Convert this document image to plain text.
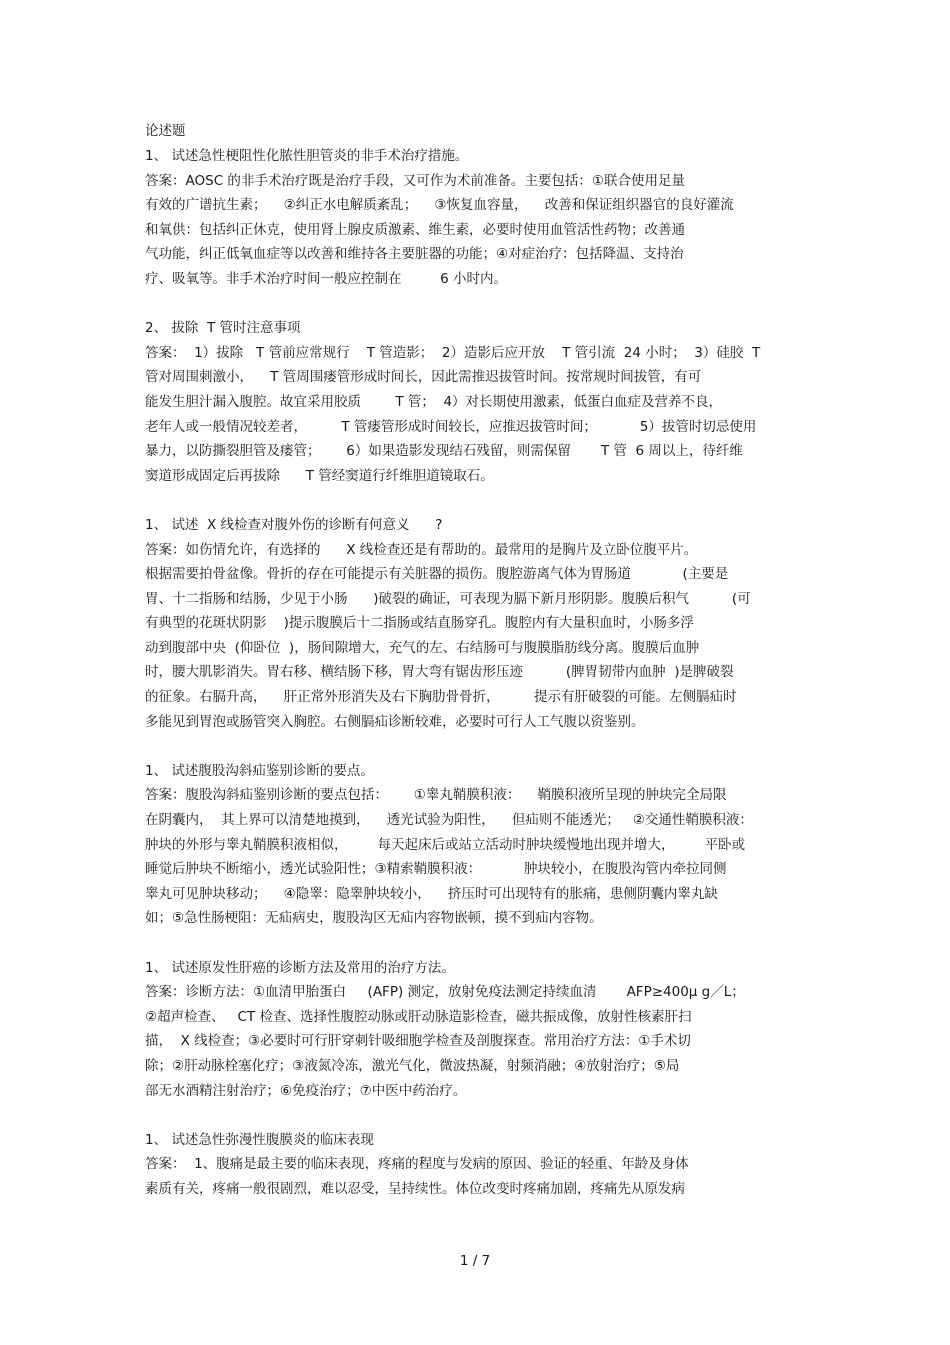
论述题
1、 试述急性梗阻性化脓性胆管炎的非手术治疗措施。
答案：AOSC 的非手术治疗既是治疗手段，又可作为术前准备。主要包括：①联合使用足量
有效的广谱抗生素；    ②纠正水电解质紊乱；    ③恢复血容量，    改善和保证组织器官的良好灌流
和氧供：包括纠正休克，使用肾上腺皮质激素、维生素，必要时使用血管活性药物；改善通
气功能，纠正低氧血症等以改善和维持各主要脏器的功能；④对症治疗：包括降温、支持治
疗、吸氧等。非手术治疗时间一般应控制在         6 小时内。
2、 拔除  T 管时注意事项
答案：  1）拔除   T 管前应常规行    T 管造影；  2）造影后应开放    T 管引流  24 小时；  3）硅胶  T
管对周围刺激小，    T 管周围瘘管形成时间长，因此需推迟拔管时间。按常规时间拔管，有可
能发生胆汁漏入腹腔。故宜采用胶质        T 管；  4）对长期使用激素，低蛋白血症及营养不良，
老年人或一般情况较差者，        T 管瘘管形成时间较长，应推迟拔管时间；          5）拔管时切忌使用
暴力，以防撕裂胆管及瘘管；      6）如果造影发现结石残留，则需保留       T 管  6 周以上，待纤维
窦道形成固定后再拔除      T 管经窦道行纤维胆道镜取石。
1、 试述  X 线检查对腹外伤的诊断有何意义      ?
答案：如伤情允许，有选择的      X 线检查还是有帮助的。最常用的是胸片及立卧位腹平片。
根据需要拍骨盆像。骨折的存在可能提示有关脏器的损伤。腹腔游离气体为胃肠道            (主要是
胃、十二指肠和结肠，少见于小肠      )破裂的确证，可表现为膈下新月形阴影。腹膜后积气          (可
有典型的花斑状阴影    )提示腹膜后十二指肠或结直肠穿孔。腹腔内有大量积血时，小肠多浮
动到腹部中央  (仰卧位  )，肠间隙增大，充气的左、右结肠可与腹膜脂肪线分离。腹膜后血肿
时，腰大肌影消失。胃右移、横结肠下移，胃大弯有锯齿形压迹          (脾胃韧带内血肿  )是脾破裂
的征象。右膈升高，    肝正常外形消失及右下胸肋骨骨折，        提示有肝破裂的可能。左侧膈疝时
多能见到胃泡或肠管突入胸腔。右侧膈疝诊断较难，必要时可行人工气腹以资鉴别。
1、 试述腹股沟斜疝鉴别诊断的要点。
答案：腹股沟斜疝鉴别诊断的要点包括：      ①睾丸鞘膜积液：    鞘膜积液所呈现的肿块完全局限
在阴囊内，  其上界可以清楚地摸到，    透光试验为阳性，    但疝则不能透光；   ②交通性鞘膜积液：
肿块的外形与睾丸鞘膜积液相似，       每天起床后或站立活动时肿块缓慢地出现并增大，       平卧或
睡觉后肿块不断缩小，透光试验阳性；③精索鞘膜积液：          肿块较小，在腹股沟管内牵拉同侧
睾丸可见肿块移动；    ④隐睾：隐睾肿块较小，    挤压时可出现特有的胀痛，患侧阴囊内睾丸缺
如；⑤急性肠梗阻：无疝病史，腹股沟区无疝内容物嵌顿，摸不到疝内容物。
1、 试述原发性肝癌的诊断方法及常用的治疗方法。
答案：诊断方法：①血清甲胎蛋白     (AFP) 测定，放射免疫法测定持续血清       AFP≥400μ g／L；
②超声检查、   CT 检查、选择性腹腔动脉或肝动脉造影检查，磁共振成像，放射性核素肝扫
描，  X 线检查；③必要时可行肝穿刺针吸细胞学检查及剖腹探查。常用治疗方法：①手术切
除；②肝动脉栓塞化疗；③液氮冷冻，激光气化，微波热凝，射频消融；④放射治疗；⑤局
部无水酒精注射治疗；⑥免疫治疗；⑦中医中药治疗。
1、 试述急性弥漫性腹膜炎的临床表现
答案：  1、腹痛是最主要的临床表现，疼痛的程度与发病的原因、验证的轻重、年龄及身体
素质有关，疼痛一般很剧烈，难以忍受，呈持续性。体位改变时疼痛加剧，疼痛先从原发病
1 / 7
